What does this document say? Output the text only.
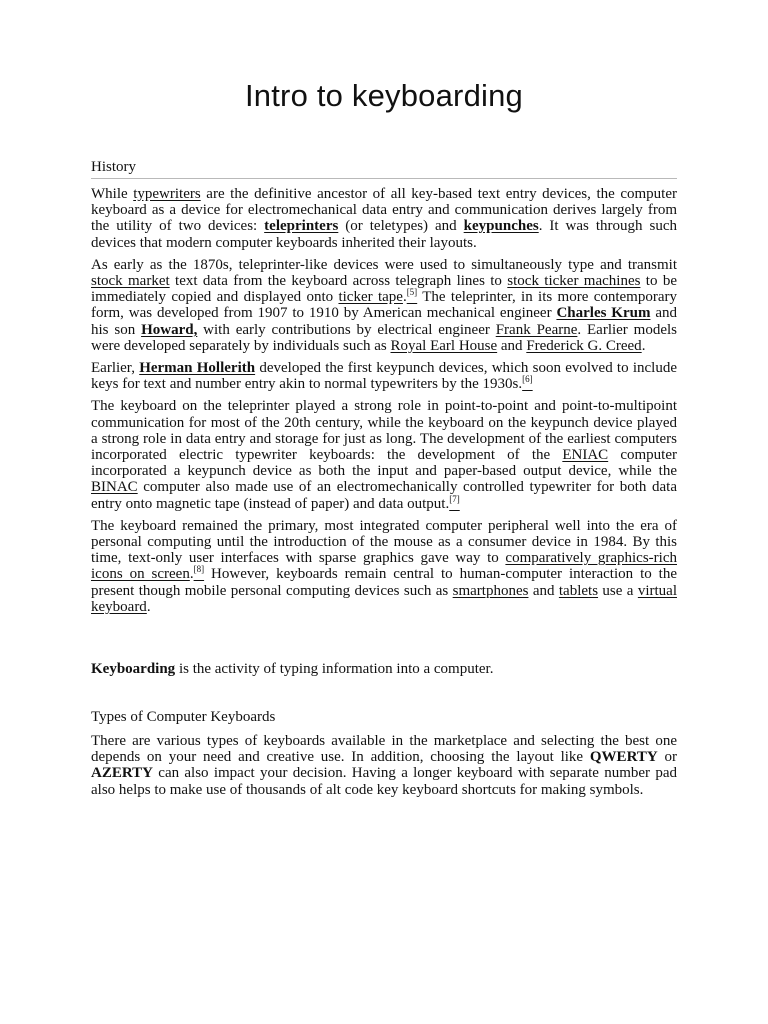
Intro to keyboarding
History

While typewriters are the definitive ancestor of all key-based text entry devices, the computer keyboard as a device for electromechanical data entry and communication derives largely from the utility of two devices: teleprinters (or teletypes) and keypunches. It was through such devices that modern computer keyboards inherited their layouts.

As early as the 1870s, teleprinter-like devices were used to simultaneously type and transmit stock market text data from the keyboard across telegraph lines to stock ticker machines to be immediately copied and displayed onto ticker tape.[5] The teleprinter, in its more contemporary form, was developed from 1907 to 1910 by American mechanical engineer Charles Krum and his son Howard, with early contributions by electrical engineer Frank Pearne. Earlier models were developed separately by individuals such as Royal Earl House and Frederick G. Creed.

Earlier, Herman Hollerith developed the first keypunch devices, which soon evolved to include keys for text and number entry akin to normal typewriters by the 1930s.[6]

The keyboard on the teleprinter played a strong role in point-to-point and point-to-multipoint communication for most of the 20th century, while the keyboard on the keypunch device played a strong role in data entry and storage for just as long. The development of the earliest computers incorporated electric typewriter keyboards: the development of the ENIAC computer incorporated a keypunch device as both the input and paper-based output device, while the BINAC computer also made use of an electromechanically controlled typewriter for both data entry onto magnetic tape (instead of paper) and data output.[7]

The keyboard remained the primary, most integrated computer peripheral well into the era of personal computing until the introduction of the mouse as a consumer device in 1984. By this time, text-only user interfaces with sparse graphics gave way to comparatively graphics-rich icons on screen.[8] However, keyboards remain central to human-computer interaction to the present though mobile personal computing devices such as smartphones and tablets use a virtual keyboard.

Keyboarding is the activity of typing information into a computer.

Types of Computer Keyboards

There are various types of keyboards available in the marketplace and selecting the best one depends on your need and creative use. In addition, choosing the layout like QWERTY or AZERTY can also impact your decision. Having a longer keyboard with separate number pad also helps to make use of thousands of alt code key keyboard shortcuts for making symbols.
